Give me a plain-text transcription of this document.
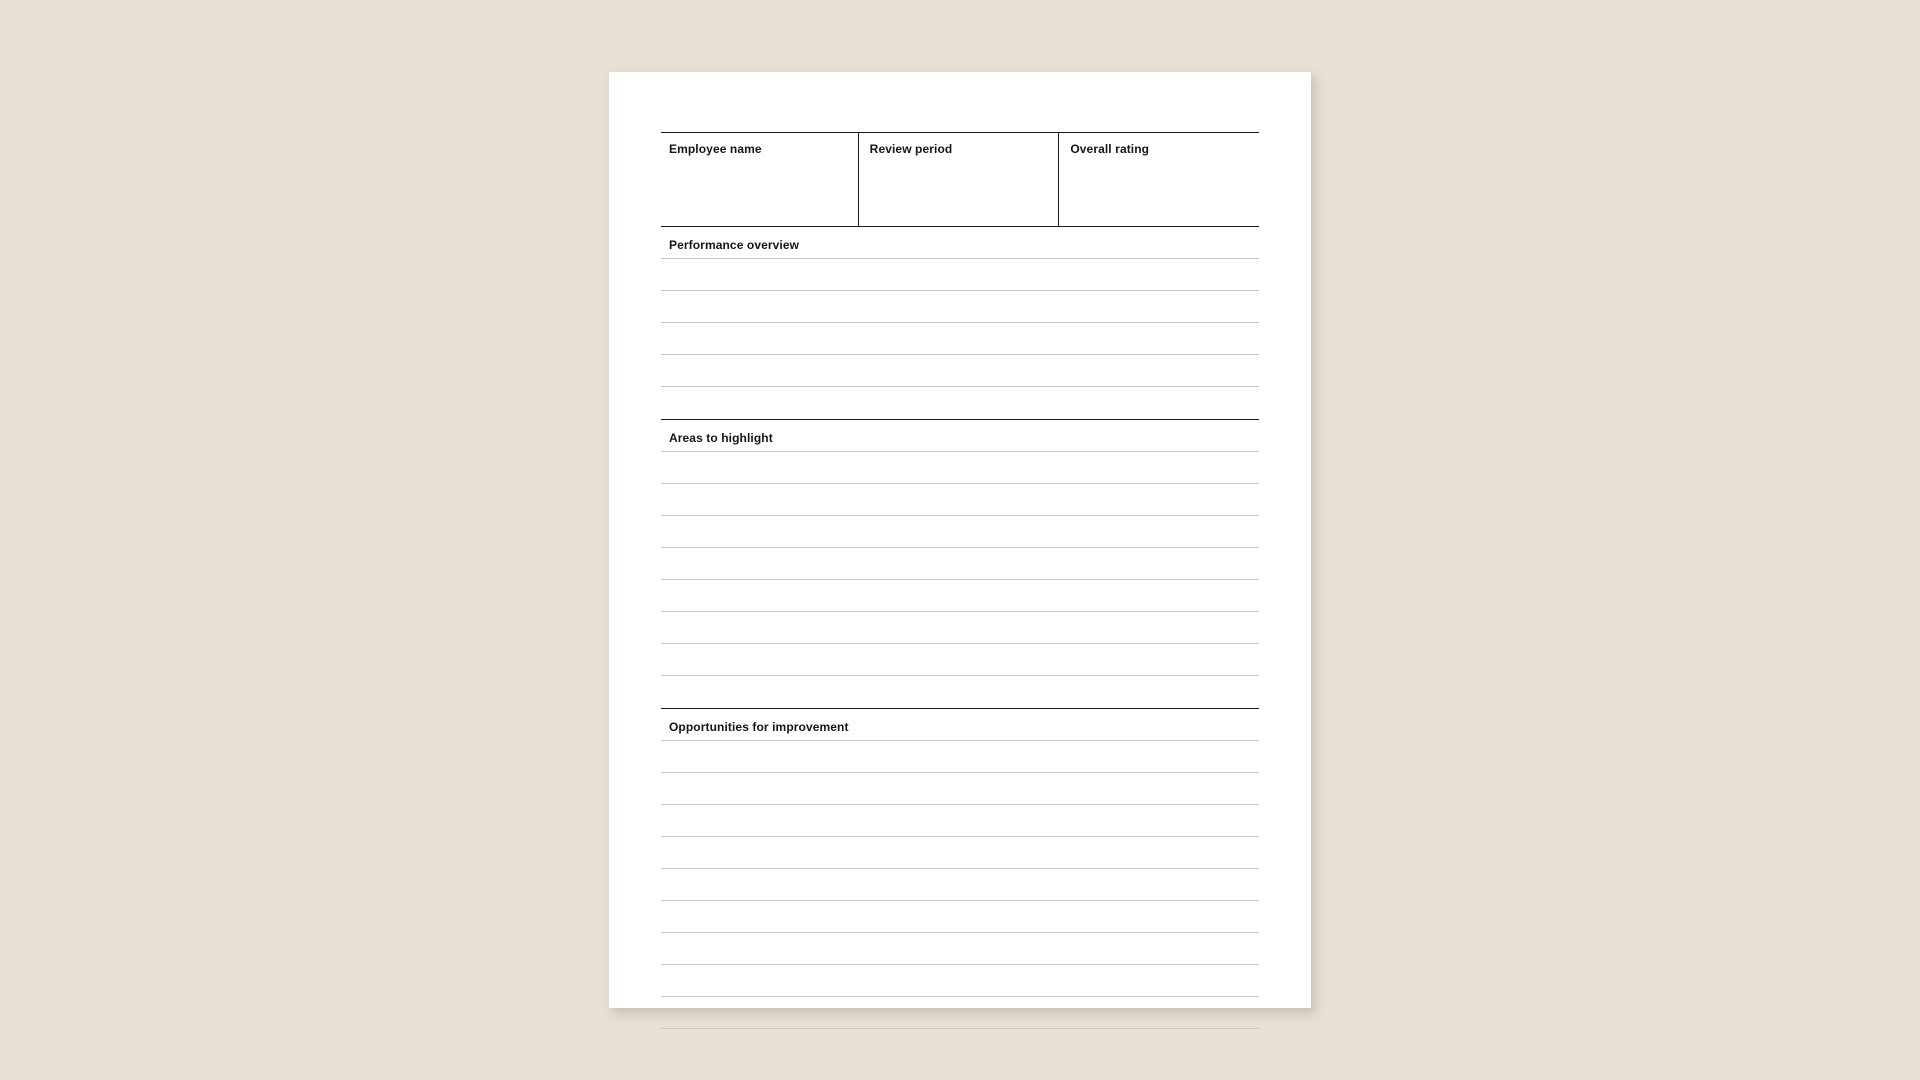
Employee name	Review period	Overall rating
Performance overview
Areas to highlight
Opportunities for improvement
